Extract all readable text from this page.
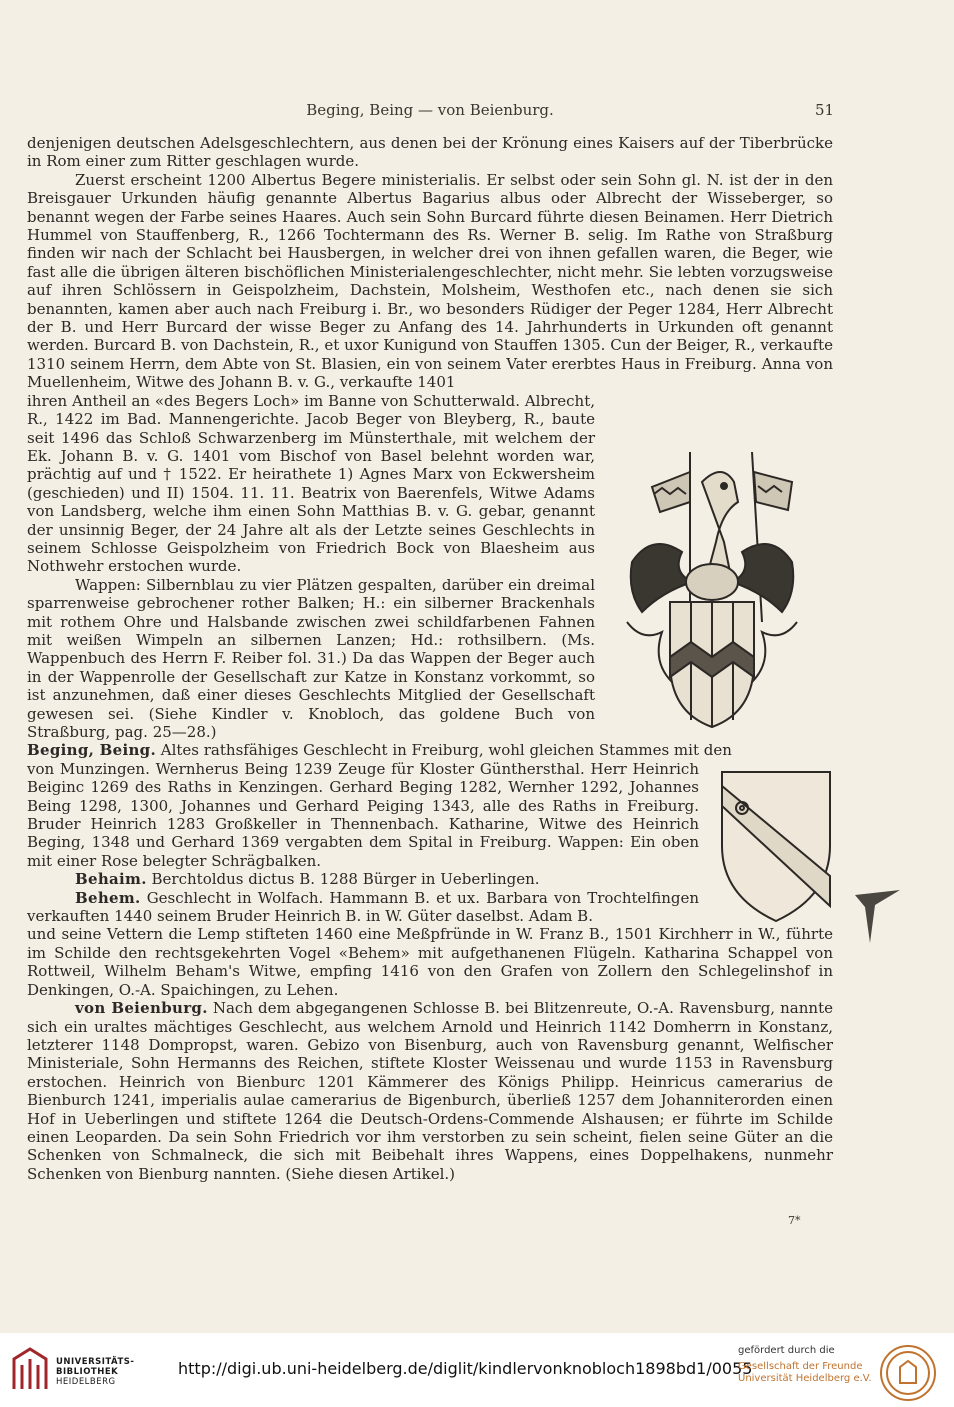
Beging, Being — von Beienburg.	51

denjenigen deutschen Adelsgeschlechtern, aus denen bei der Krönung eines Kaisers auf der Tiberbrücke in Rom einer zum Ritter geschlagen wurde.

Zuerst erscheint 1200 Albertus Begere ministerialis. Er selbst oder sein Sohn gl. N. ist der in den Breisgauer Urkunden häufig genannte Albertus Bagarius albus oder Albrecht der Wisseberger, so benannt wegen der Farbe seines Haares. Auch sein Sohn Burcard führte diesen Beinamen. Herr Dietrich Hummel von Stauffenberg, R., 1266 Tochtermann des Rs. Werner B. selig. Im Rathe von Straßburg finden wir nach der Schlacht bei Hausbergen, in welcher drei von ihnen gefallen waren, die Beger, wie fast alle die übrigen älteren bischöflichen Ministerialengeschlechter, nicht mehr. Sie lebten vorzugsweise auf ihren Schlössern in Geispolzheim, Dachstein, Molsheim, Westhofen etc., nach denen sie sich benannten, kamen aber auch nach Freiburg i. Br., wo besonders Rüdiger der Peger 1284, Herr Albrecht der B. und Herr Burcard der wisse Beger zu Anfang des 14. Jahrhunderts in Urkunden oft genannt werden. Burcard B. von Dachstein, R., et uxor Kunigund von Stauffen 1305. Cun der Beiger, R., verkaufte 1310 seinem Herrn, dem Abte von St. Blasien, ein von seinem Vater ererbtes Haus in Freiburg. Anna von Muellenheim, Witwe des Johann B. v. G., verkaufte 1401

ihren Antheil an «des Begers Loch» im Banne von Schutterwald. Albrecht, R., 1422 im Bad. Mannengerichte. Jacob Beger von Bleyberg, R., baute seit 1496 das Schloß Schwarzenberg im Münsterthale, mit welchem der Ek. Johann B. v. G. 1401 vom Bischof von Basel belehnt worden war, prächtig auf und † 1522. Er heirathete 1) Agnes Marx von Eckwersheim (geschieden) und II) 1504. 11. 11. Beatrix von Baerenfels, Witwe Adams von Landsberg, welche ihm einen Sohn Matthias B. v. G. gebar, genannt der unsinnig Beger, der 24 Jahre alt als der Letzte seines Geschlechts in seinem Schlosse Geispolzheim von Friedrich Bock von Blaesheim aus Nothwehr erstochen wurde.

Wappen: Silbernblau zu vier Plätzen gespalten, darüber ein dreimal sparrenweise gebrochener rother Balken; H.: ein silberner Brackenhals mit rothem Ohre und Halsbande zwischen zwei schildfarbenen Fahnen mit weißen Wimpeln an silbernen Lanzen; Hd.: rothsilbern. (Ms. Wappenbuch des Herrn F. Reiber fol. 31.) Da das Wappen der Beger auch in der Wappenrolle der Gesellschaft zur Katze in Konstanz vorkommt, so ist anzunehmen, daß einer dieses Geschlechts Mitglied der Gesellschaft gewesen sei. (Siehe Kindler v. Knobloch, das goldene Buch von Straßburg, pag. 25—28.)

Beging, Being. Altes rathsfähiges Geschlecht in Freiburg, wohl gleichen Stammes mit den

von Munzingen. Wernherus Being 1239 Zeuge für Kloster Günthersthal. Herr Heinrich Beiginc 1269 des Raths in Kenzingen. Gerhard Beging 1282, Wernher 1292, Johannes Being 1298, 1300, Johannes und Gerhard Peiging 1343, alle des Raths in Freiburg. Bruder Heinrich 1283 Großkeller in Thennenbach. Katharine, Witwe des Heinrich Beging, 1348 und Gerhard 1369 vergabten dem Spital in Freiburg. Wappen: Ein oben mit einer Rose belegter Schrägbalken.

Behaim. Berchtoldus dictus B. 1288 Bürger in Ueberlingen.

Behem. Geschlecht in Wolfach. Hammann B. et ux. Barbara von Trochtelfingen verkauften 1440 seinem Bruder Heinrich B. in W. Güter daselbst. Adam B.

und seine Vettern die Lemp stifteten 1460 eine Meßpfründe in W. Franz B., 1501 Kirchherr in W., führte im Schilde den rechtsgekehrten Vogel «Behem» mit aufgethanenen Flügeln. Katharina Schappel von Rottweil, Wilhelm Beham's Witwe, empfing 1416 von den Grafen von Zollern den Schlegelinshof in Denkingen, O.-A. Spaichingen, zu Lehen.

von Beienburg. Nach dem abgegangenen Schlosse B. bei Blitzenreute, O.-A. Ravensburg, nannte sich ein uraltes mächtiges Geschlecht, aus welchem Arnold und Heinrich 1142 Domherrn in Konstanz, letzterer 1148 Dompropst, waren. Gebizo von Bisenburg, auch von Ravensburg genannt, Welfischer Ministeriale, Sohn Hermanns des Reichen, stiftete Kloster Weissenau und wurde 1153 in Ravensburg erstochen. Heinrich von Bienburc 1201 Kämmerer des Königs Philipp. Heinricus camerarius de Bienburch 1241, imperialis aulae camerarius de Bigenburch, überließ 1257 dem Johanniterorden einen Hof in Ueberlingen und stiftete 1264 die Deutsch-Ordens-Commende Alshausen; er führte im Schilde einen Leoparden. Da sein Sohn Friedrich vor ihm verstorben zu sein scheint, fielen seine Güter an die Schenken von Schmalneck, die sich mit Beibehalt ihres Wappens, eines Doppelhakens, nunmehr Schenken von Bienburg nannten. (Siehe diesen Artikel.)

7*
UNIVERSITÄTS-
BIBLIOTHEK
HEIDELBERG
http://digi.ub.uni-heidelberg.de/diglit/kindlervonknobloch1898bd1/0055
gefördert durch die
Gesellschaft der Freunde
Universität Heidelberg e.V.
